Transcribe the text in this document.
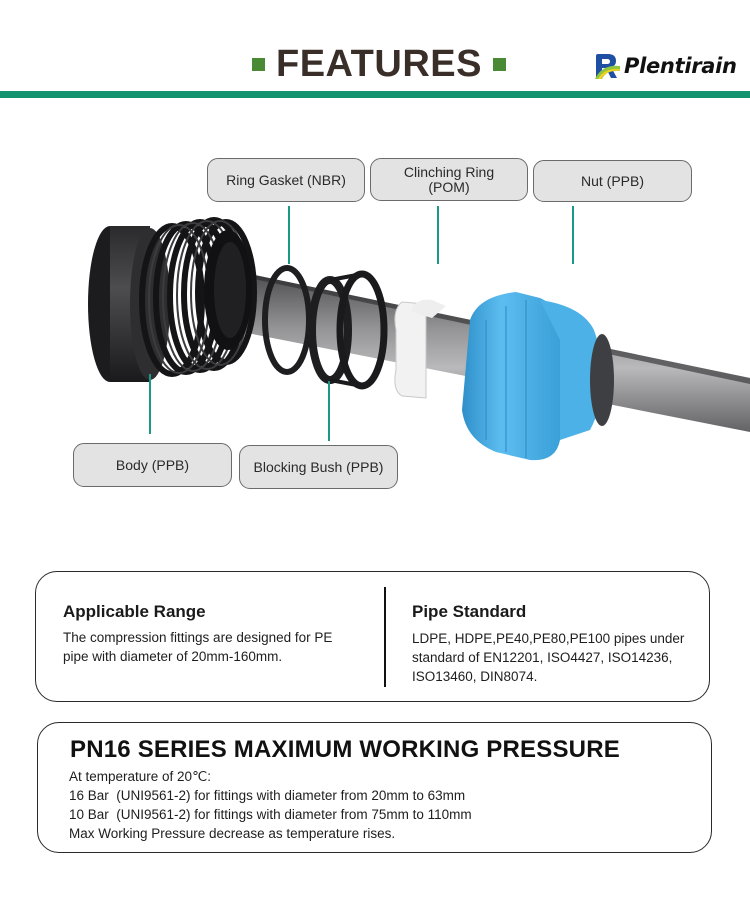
FEATURES	Plentirain
Ring Gasket (NBR)	Clinching Ring
(POM)	Nut (PPB)
Body (PPB)	Blocking Bush (PPB)
Applicable Range
The compression fittings are designed for PE
pipe with diameter of 20mm-160mm.
Pipe Standard
LDPE, HDPE,PE40,PE80,PE100 pipes under
standard of EN12201, ISO4427, ISO14236,
ISO13460, DIN8074.
PN16 SERIES MAXIMUM WORKING PRESSURE

At temperature of 20℃:

16 Bar  (UNI9561-2) for fittings with diameter from 20mm to 63mm

10 Bar  (UNI9561-2) for fittings with diameter from 75mm to 110mm

Max Working Pressure decrease as temperature rises.
